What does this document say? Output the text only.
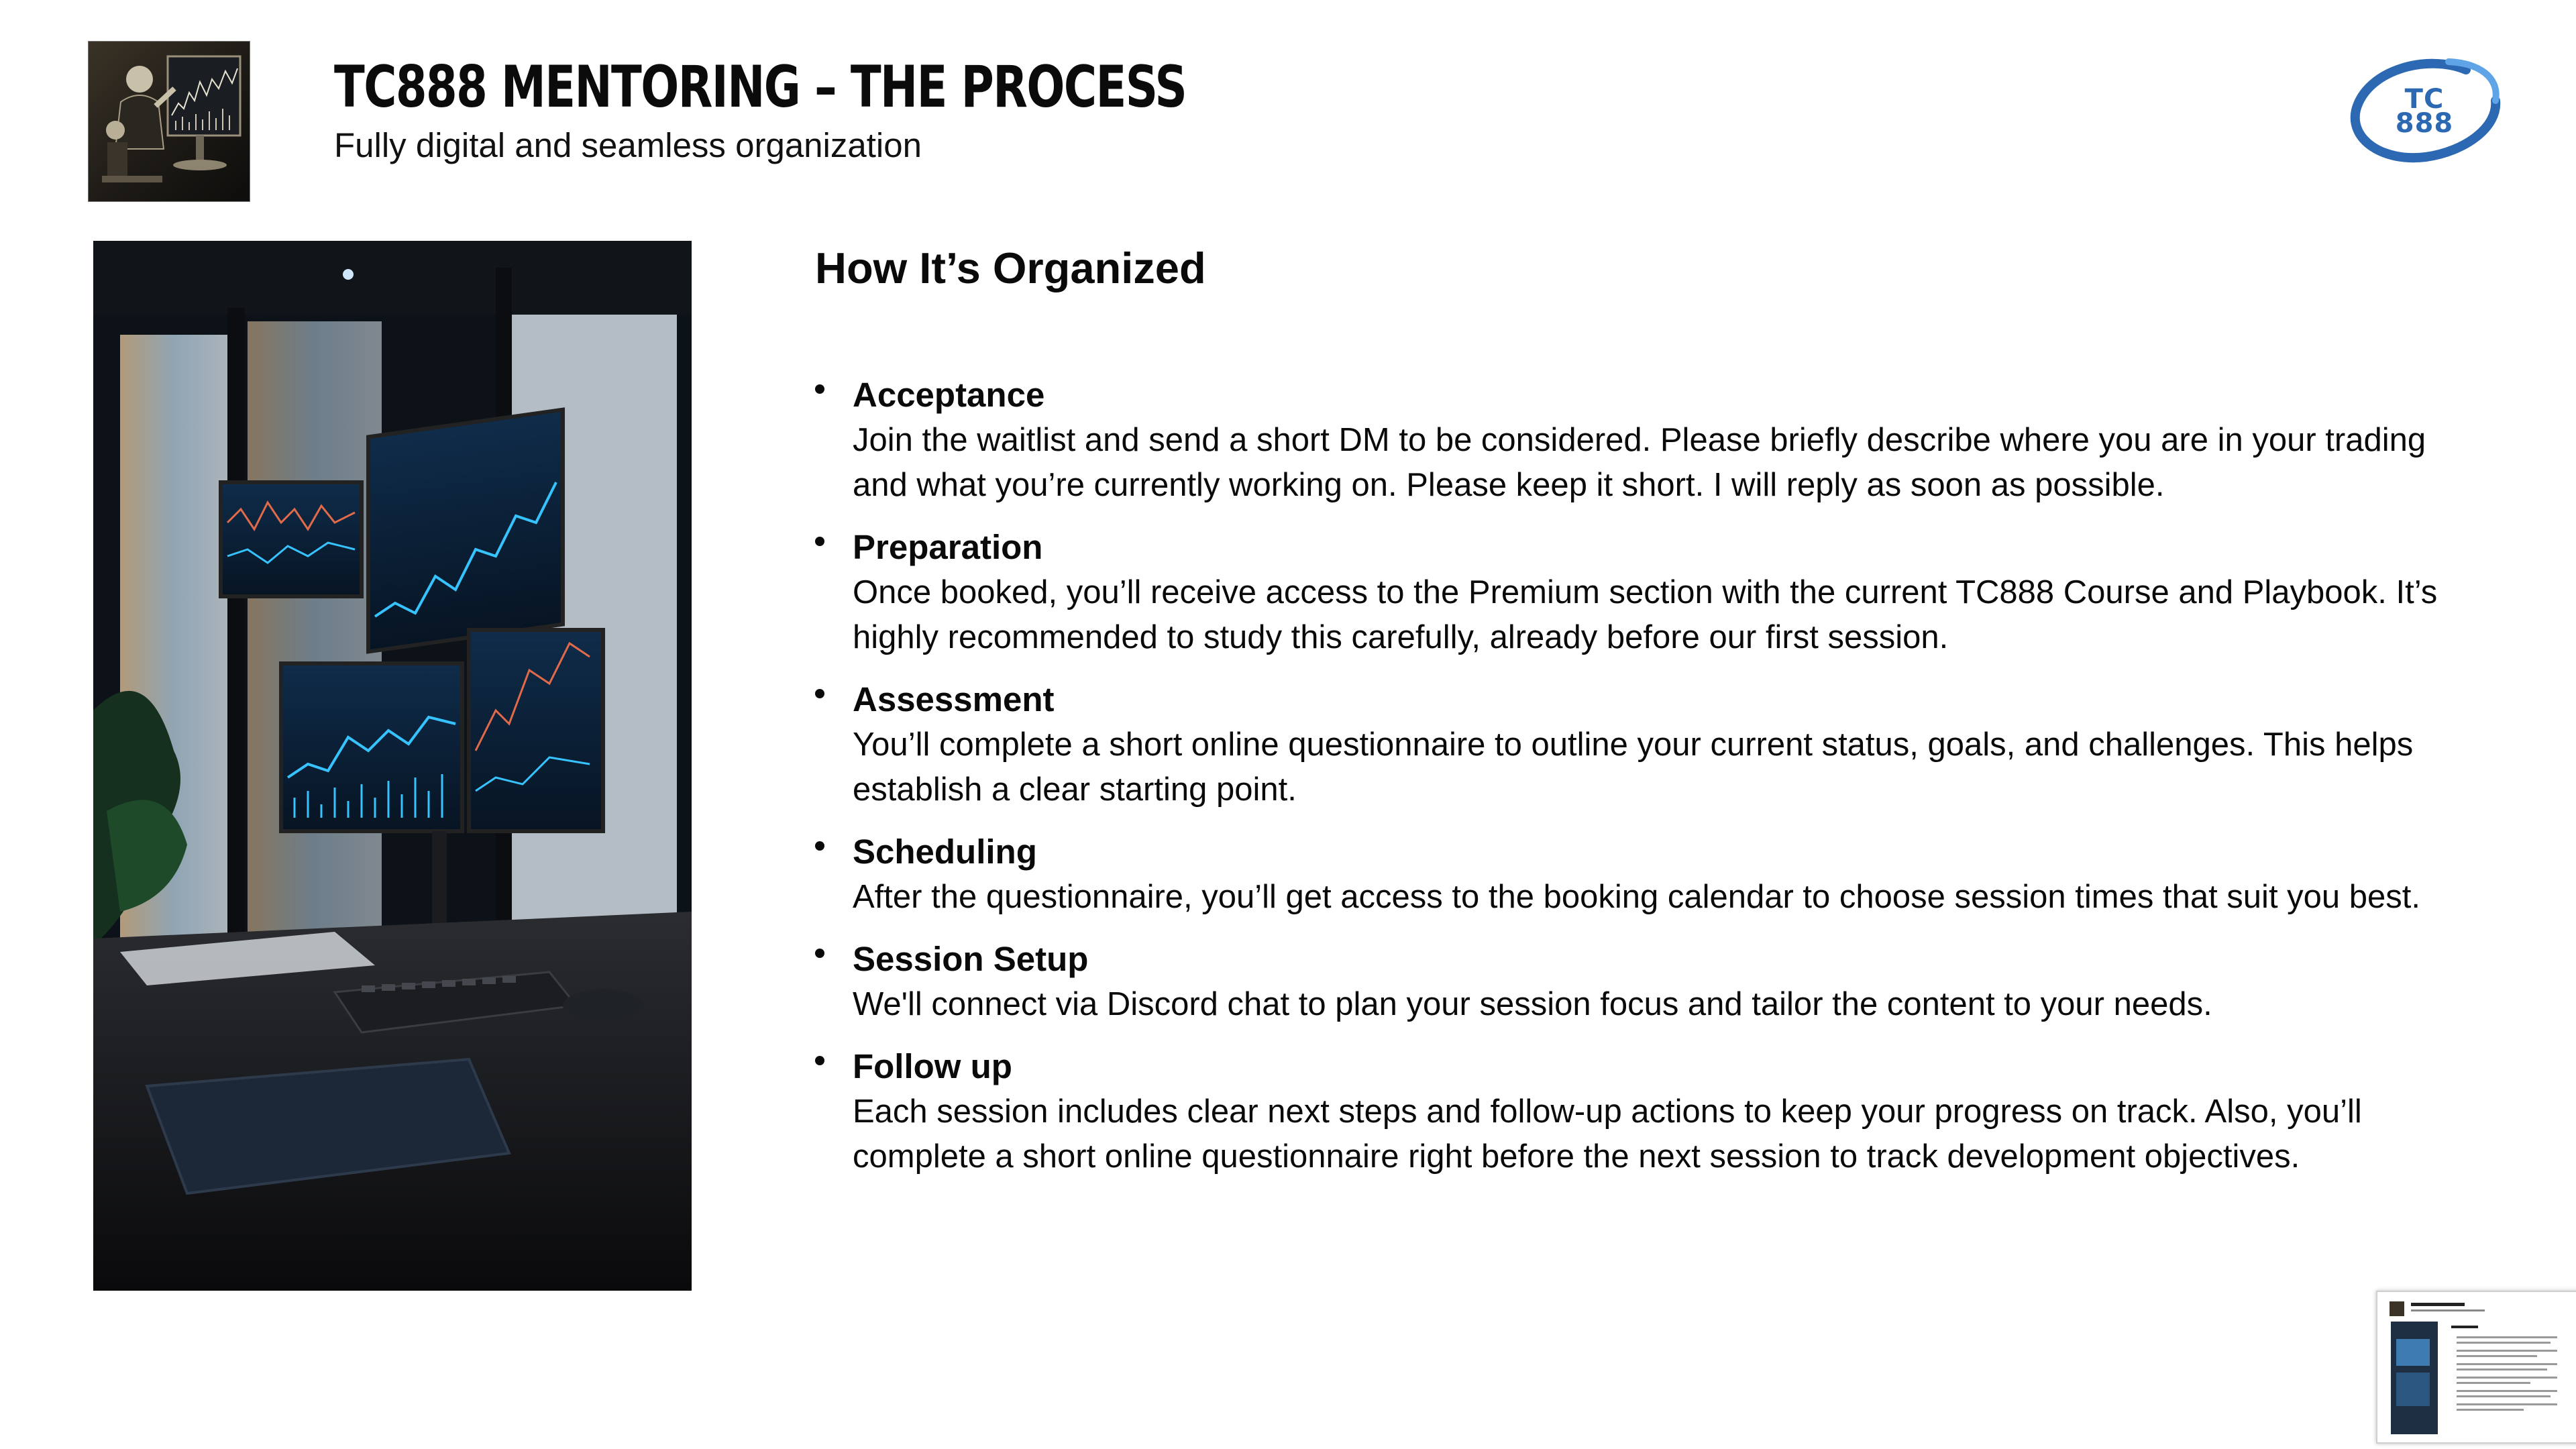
TC888 MENTORING – THE PROCESS
Fully digital and seamless organization
TC
888
How It’s Organized
Acceptance
Join the waitlist and send a short DM to be considered. Please briefly describe where you are in your trading and what you’re currently working on. Please keep it short. I will reply as soon as possible.
Preparation
Once booked, you’ll receive access to the Premium section with the current TC888 Course and Playbook. It’s highly recommended to study this carefully, already before our first session.
Assessment
You’ll complete a short online questionnaire to outline your current status, goals, and challenges. This helps establish a clear starting point.
Scheduling
After the questionnaire, you’ll get access to the booking calendar to choose session times that suit you best.
Session Setup
We'll connect via Discord chat to plan your session focus and tailor the content to your needs.
Follow up
Each session includes clear next steps and follow-up actions to keep your progress on track. Also, you’ll complete a short online questionnaire right before the next session to track development objectives.
